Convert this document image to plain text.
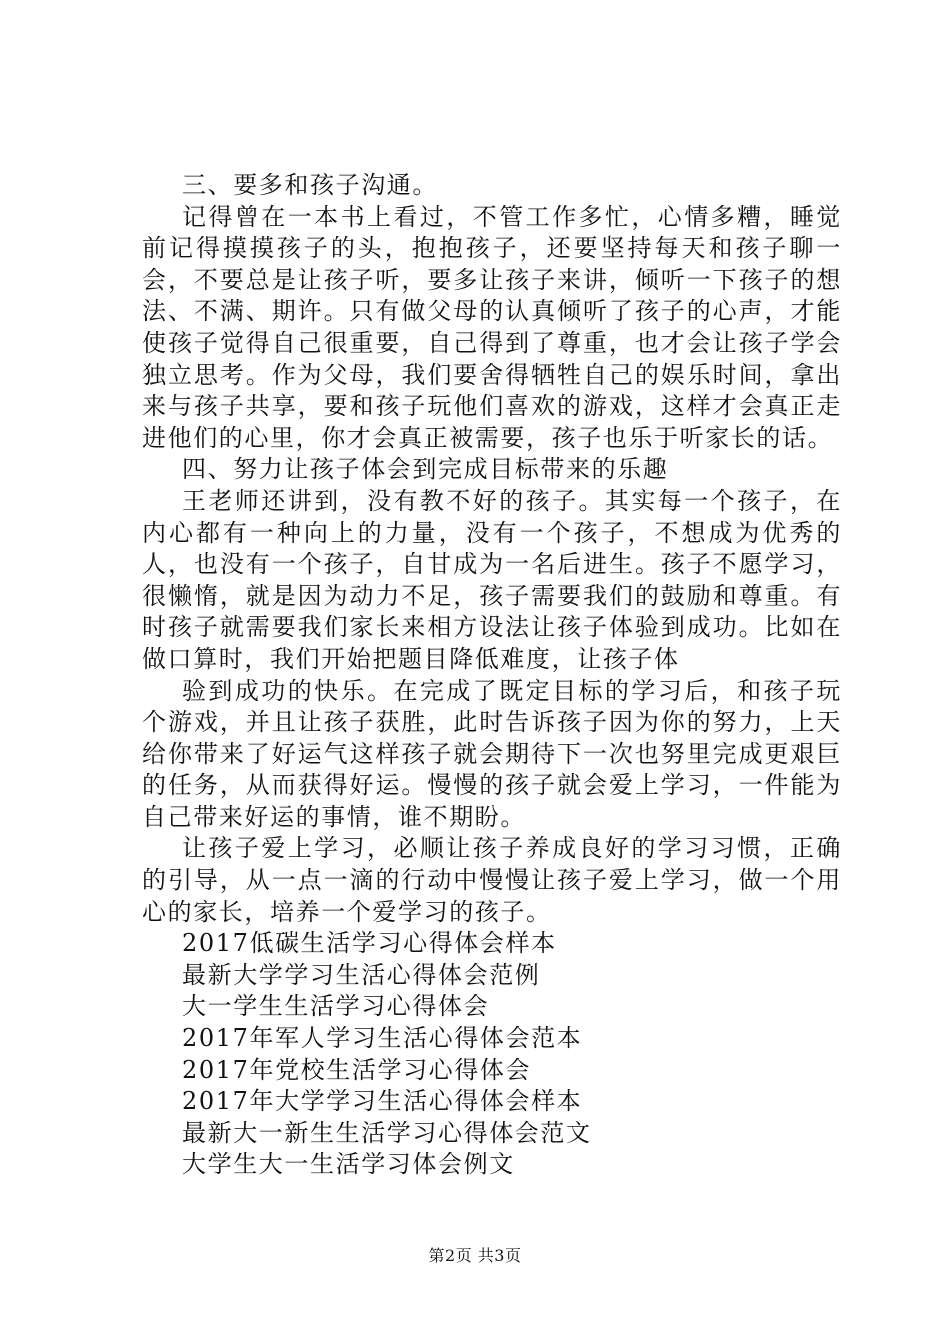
三、要多和孩子沟通。

记得曾在一本书上看过，不管工作多忙，心情多糟，睡觉前记得摸摸孩子的头，抱抱孩子，还要坚持每天和孩子聊一会，不要总是让孩子听，要多让孩子来讲，倾听一下孩子的想法、不满、期许。只有做父母的认真倾听了孩子的心声，才能使孩子觉得自己很重要，自己得到了尊重，也才会让孩子学会独立思考。作为父母，我们要舍得牺牲自己的娱乐时间，拿出来与孩子共享，要和孩子玩他们喜欢的游戏，这样才会真正走进他们的心里，你才会真正被需要，孩子也乐于听家长的话。

四、努力让孩子体会到完成目标带来的乐趣

王老师还讲到，没有教不好的孩子。其实每一个孩子，在内心都有一种向上的力量，没有一个孩子，不想成为优秀的人，也没有一个孩子，自甘成为一名后进生。孩子不愿学习，很懒惰，就是因为动力不足，孩子需要我们的鼓励和尊重。有时孩子就需要我们家长来相方设法让孩子体验到成功。比如在做口算时，我们开始把题目降低难度，让孩子体

验到成功的快乐。在完成了既定目标的学习后，和孩子玩个游戏，并且让孩子获胜，此时告诉孩子因为你的努力，上天给你带来了好运气这样孩子就会期待下一次也努里完成更艰巨的任务，从而获得好运。慢慢的孩子就会爱上学习，一件能为自己带来好运的事情，谁不期盼。

让孩子爱上学习，必顺让孩子养成良好的学习习惯，正确的引导，从一点一滴的行动中慢慢让孩子爱上学习，做一个用心的家长，培养一个爱学习的孩子。

2017低碳生活学习心得体会样本
最新大学学习生活心得体会范例
大一学生生活学习心得体会
2017年军人学习生活心得体会范本
2017年党校生活学习心得体会
2017年大学学习生活心得体会样本
最新大一新生生活学习心得体会范文
大学生大一生活学习体会例文
第2页 共3页
